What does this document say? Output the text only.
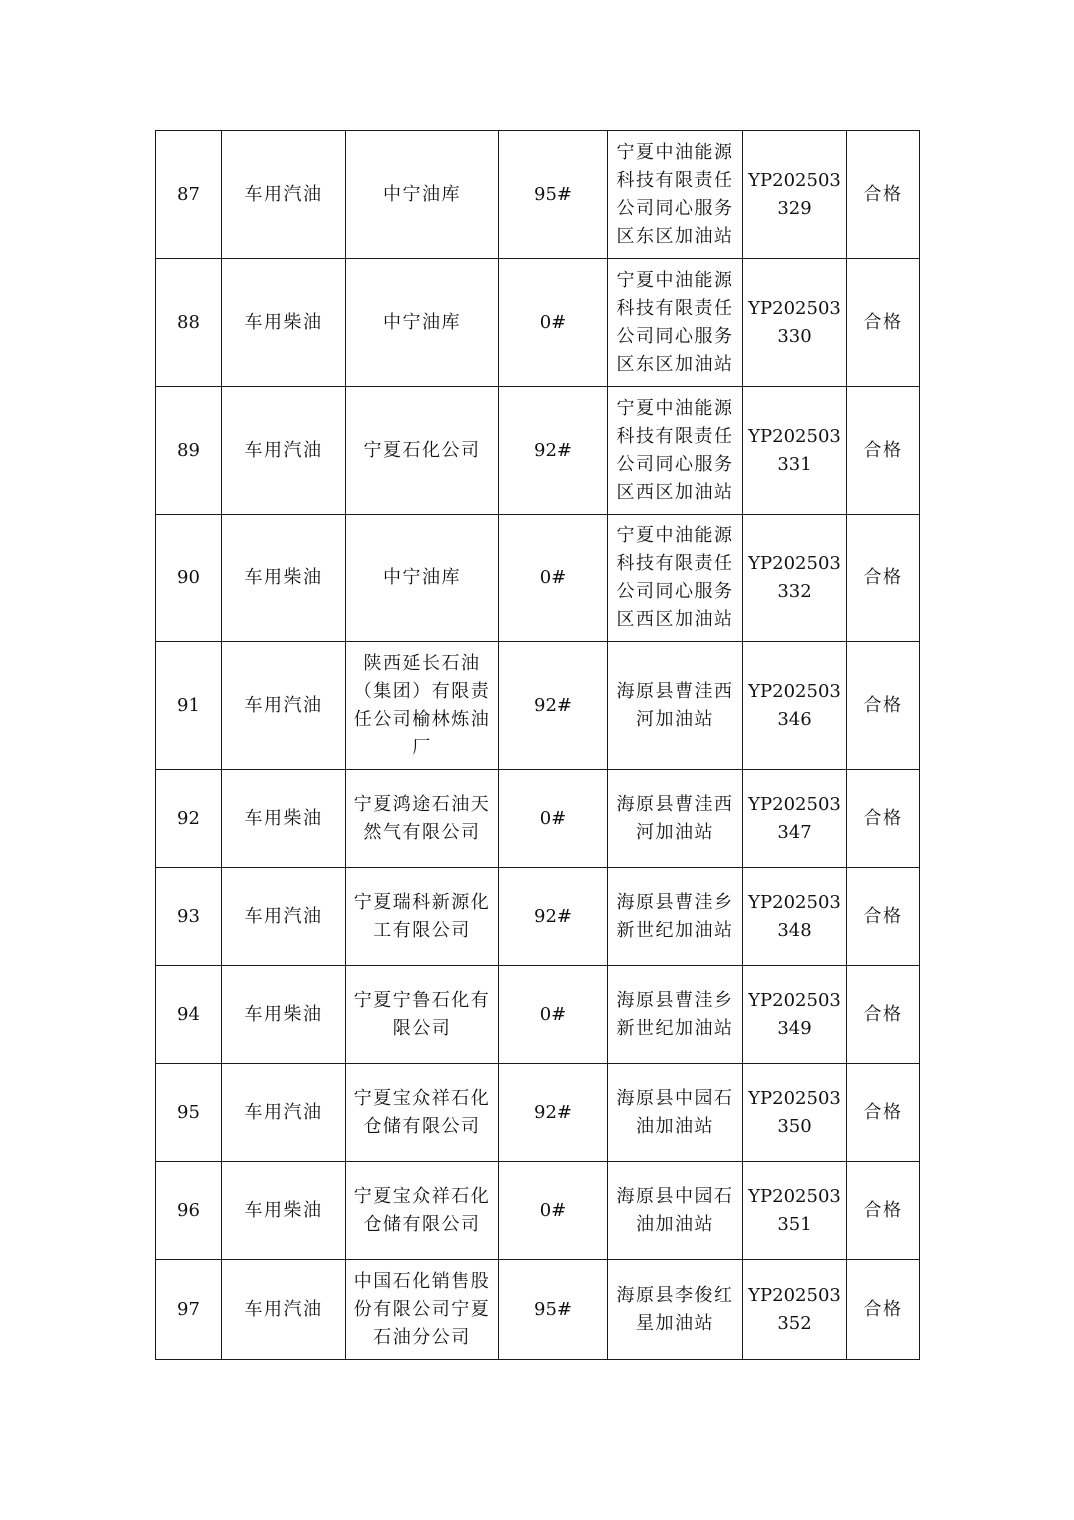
87	车用汽油	中宁油库	95#	宁夏中油能源科技有限责任公司同心服务区东区加油站	YP202503329	合格
88	车用柴油	中宁油库	0#	宁夏中油能源科技有限责任公司同心服务区东区加油站	YP202503330	合格
89	车用汽油	宁夏石化公司	92#	宁夏中油能源科技有限责任公司同心服务区西区加油站	YP202503331	合格
90	车用柴油	中宁油库	0#	宁夏中油能源科技有限责任公司同心服务区西区加油站	YP202503332	合格
91	车用汽油	陕西延长石油（集团）有限责任公司榆林炼油厂	92#	海原县曹洼西河加油站	YP202503346	合格
92	车用柴油	宁夏鸿途石油天然气有限公司	0#	海原县曹洼西河加油站	YP202503347	合格
93	车用汽油	宁夏瑞科新源化工有限公司	92#	海原县曹洼乡新世纪加油站	YP202503348	合格
94	车用柴油	宁夏宁鲁石化有限公司	0#	海原县曹洼乡新世纪加油站	YP202503349	合格
95	车用汽油	宁夏宝众祥石化仓储有限公司	92#	海原县中园石油加油站	YP202503350	合格
96	车用柴油	宁夏宝众祥石化仓储有限公司	0#	海原县中园石油加油站	YP202503351	合格
97	车用汽油	中国石化销售股份有限公司宁夏石油分公司	95#	海原县李俊红星加油站	YP202503352	合格
